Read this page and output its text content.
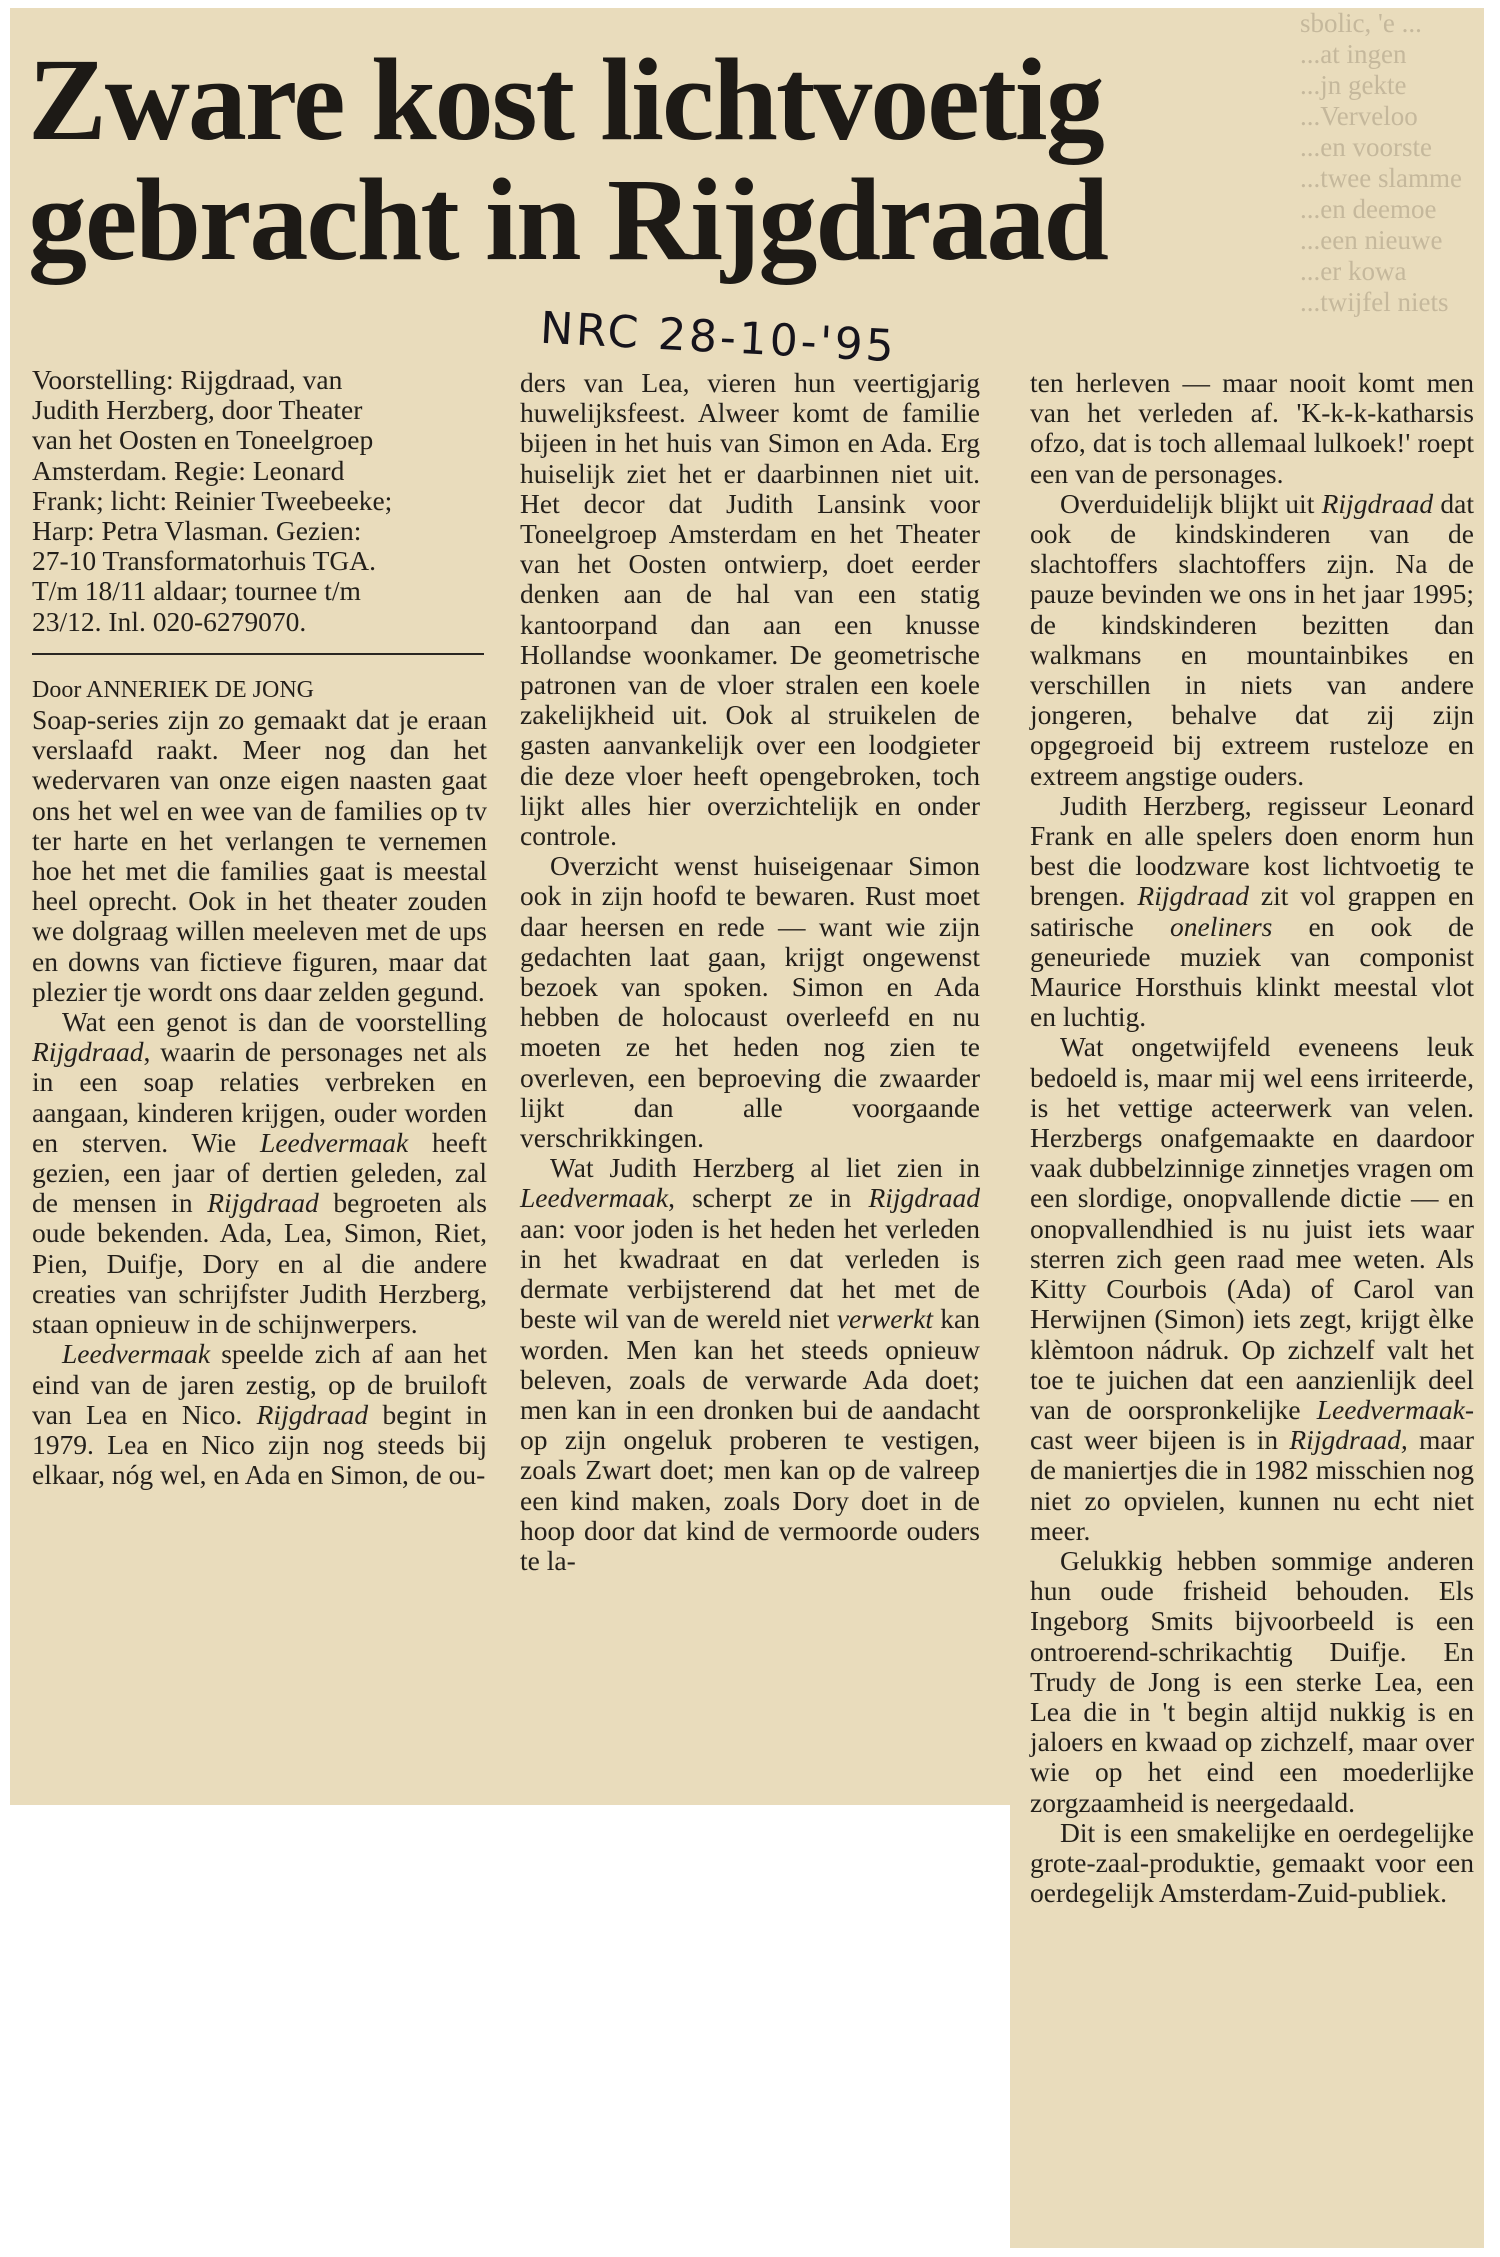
sbolic, 'e ...
...at ingen
...jn gekte
...Verveloo
...en voorste
...twee slamme
...en deemoe
...een nieuwe
...er kowa
...twijfel niets

Zware kost lichtvoetig
gebracht in Rijgdraad
NRC 28-10-'95
Voorstelling: Rijgdraad, van
Judith Herzberg, door Theater
van het Oosten en Toneelgroep
Amsterdam. Regie: Leonard
Frank; licht: Reinier Tweebeeke;
Harp: Petra Vlasman. Gezien:
27-10 Transformatorhuis TGA.
T/m 18/11 aldaar; tournee t/m
23/12. Inl. 020-6279070.

Door ANNERIEK DE JONG

Soap-series zijn zo gemaakt dat je eraan verslaafd raakt. Meer nog dan het wedervaren van onze eigen naasten gaat ons het wel en wee van de families op tv ter harte en het verlangen te vernemen hoe het met die families gaat is meestal heel oprecht. Ook in het theater zouden we dolgraag willen meeleven met de ups en downs van fictieve figuren, maar dat plezier tje wordt ons daar zelden gegund.

Wat een genot is dan de voorstelling Rijgdraad, waarin de personages net als in een soap relaties verbreken en aangaan, kinderen krijgen, ouder worden en sterven. Wie Leedvermaak heeft gezien, een jaar of dertien geleden, zal de mensen in Rijgdraad begroeten als oude bekenden. Ada, Lea, Simon, Riet, Pien, Duifje, Dory en al die andere creaties van schrijfster Judith Herzberg, staan opnieuw in de schijnwerpers.

Leedvermaak speelde zich af aan het eind van de jaren zestig, op de bruiloft van Lea en Nico. Rijgdraad begint in 1979. Lea en Nico zijn nog steeds bij elkaar, nóg wel, en Ada en Simon, de ou-

ders van Lea, vieren hun veertigjarig huwelijksfeest. Alweer komt de familie bijeen in het huis van Simon en Ada. Erg huiselijk ziet het er daarbinnen niet uit. Het decor dat Judith Lansink voor Toneelgroep Amsterdam en het Theater van het Oosten ontwierp, doet eerder denken aan de hal van een statig kantoorpand dan aan een knusse Hollandse woonkamer. De geometrische patronen van de vloer stralen een koele zakelijkheid uit. Ook al struikelen de gasten aanvankelijk over een loodgieter die deze vloer heeft opengebroken, toch lijkt alles hier overzichtelijk en onder controle.

Overzicht wenst huiseigenaar Simon ook in zijn hoofd te bewaren. Rust moet daar heersen en rede — want wie zijn gedachten laat gaan, krijgt ongewenst bezoek van spoken. Simon en Ada hebben de holocaust overleefd en nu moeten ze het heden nog zien te overleven, een beproeving die zwaarder lijkt dan alle voorgaande verschrikkingen.

Wat Judith Herzberg al liet zien in Leedvermaak, scherpt ze in Rijgdraad aan: voor joden is het heden het verleden in het kwadraat en dat verleden is dermate verbijsterend dat het met de beste wil van de wereld niet verwerkt kan worden. Men kan het steeds opnieuw beleven, zoals de verwarde Ada doet; men kan in een dronken bui de aandacht op zijn ongeluk proberen te vestigen, zoals Zwart doet; men kan op de valreep een kind maken, zoals Dory doet in de hoop door dat kind de vermoorde ouders te la-

ten herleven — maar nooit komt men van het verleden af. 'K-k-k-katharsis ofzo, dat is toch allemaal lulkoek!' roept een van de personages.

Overduidelijk blijkt uit Rijgdraad dat ook de kindskinderen van de slachtoffers slachtoffers zijn. Na de pauze bevinden we ons in het jaar 1995; de kindskinderen bezitten dan walkmans en mountainbikes en verschillen in niets van andere jongeren, behalve dat zij zijn opgegroeid bij extreem rusteloze en extreem angstige ouders.

Judith Herzberg, regisseur Leonard Frank en alle spelers doen enorm hun best die loodzware kost lichtvoetig te brengen. Rijgdraad zit vol grappen en satirische oneliners en ook de geneuriede muziek van componist Maurice Horsthuis klinkt meestal vlot en luchtig.

Wat ongetwijfeld eveneens leuk bedoeld is, maar mij wel eens irriteerde, is het vettige acteerwerk van velen. Herzbergs onafgemaakte en daardoor vaak dubbelzinnige zinnetjes vragen om een slordige, onopvallende dictie — en onopvallendhied is nu juist iets waar sterren zich geen raad mee weten. Als Kitty Courbois (Ada) of Carol van Herwijnen (Simon) iets zegt, krijgt èlke klèmtoon nádruk. Op zichzelf valt het toe te juichen dat een aanzienlijk deel van de oorspronkelijke Leedvermaak-cast weer bijeen is in Rijgdraad, maar de maniertjes die in 1982 misschien nog niet zo opvielen, kunnen nu echt niet meer.

Gelukkig hebben sommige anderen hun oude frisheid behouden. Els Ingeborg Smits bijvoorbeeld is een ontroerend-schrikachtig Duifje. En Trudy de Jong is een sterke Lea, een Lea die in 't begin altijd nukkig is en jaloers en kwaad op zichzelf, maar over wie op het eind een moederlijke zorgzaamheid is neergedaald.

Dit is een smakelijke en oerdegelijke grote-zaal-produktie, gemaakt voor een oerdegelijk Amsterdam-Zuid-publiek.
